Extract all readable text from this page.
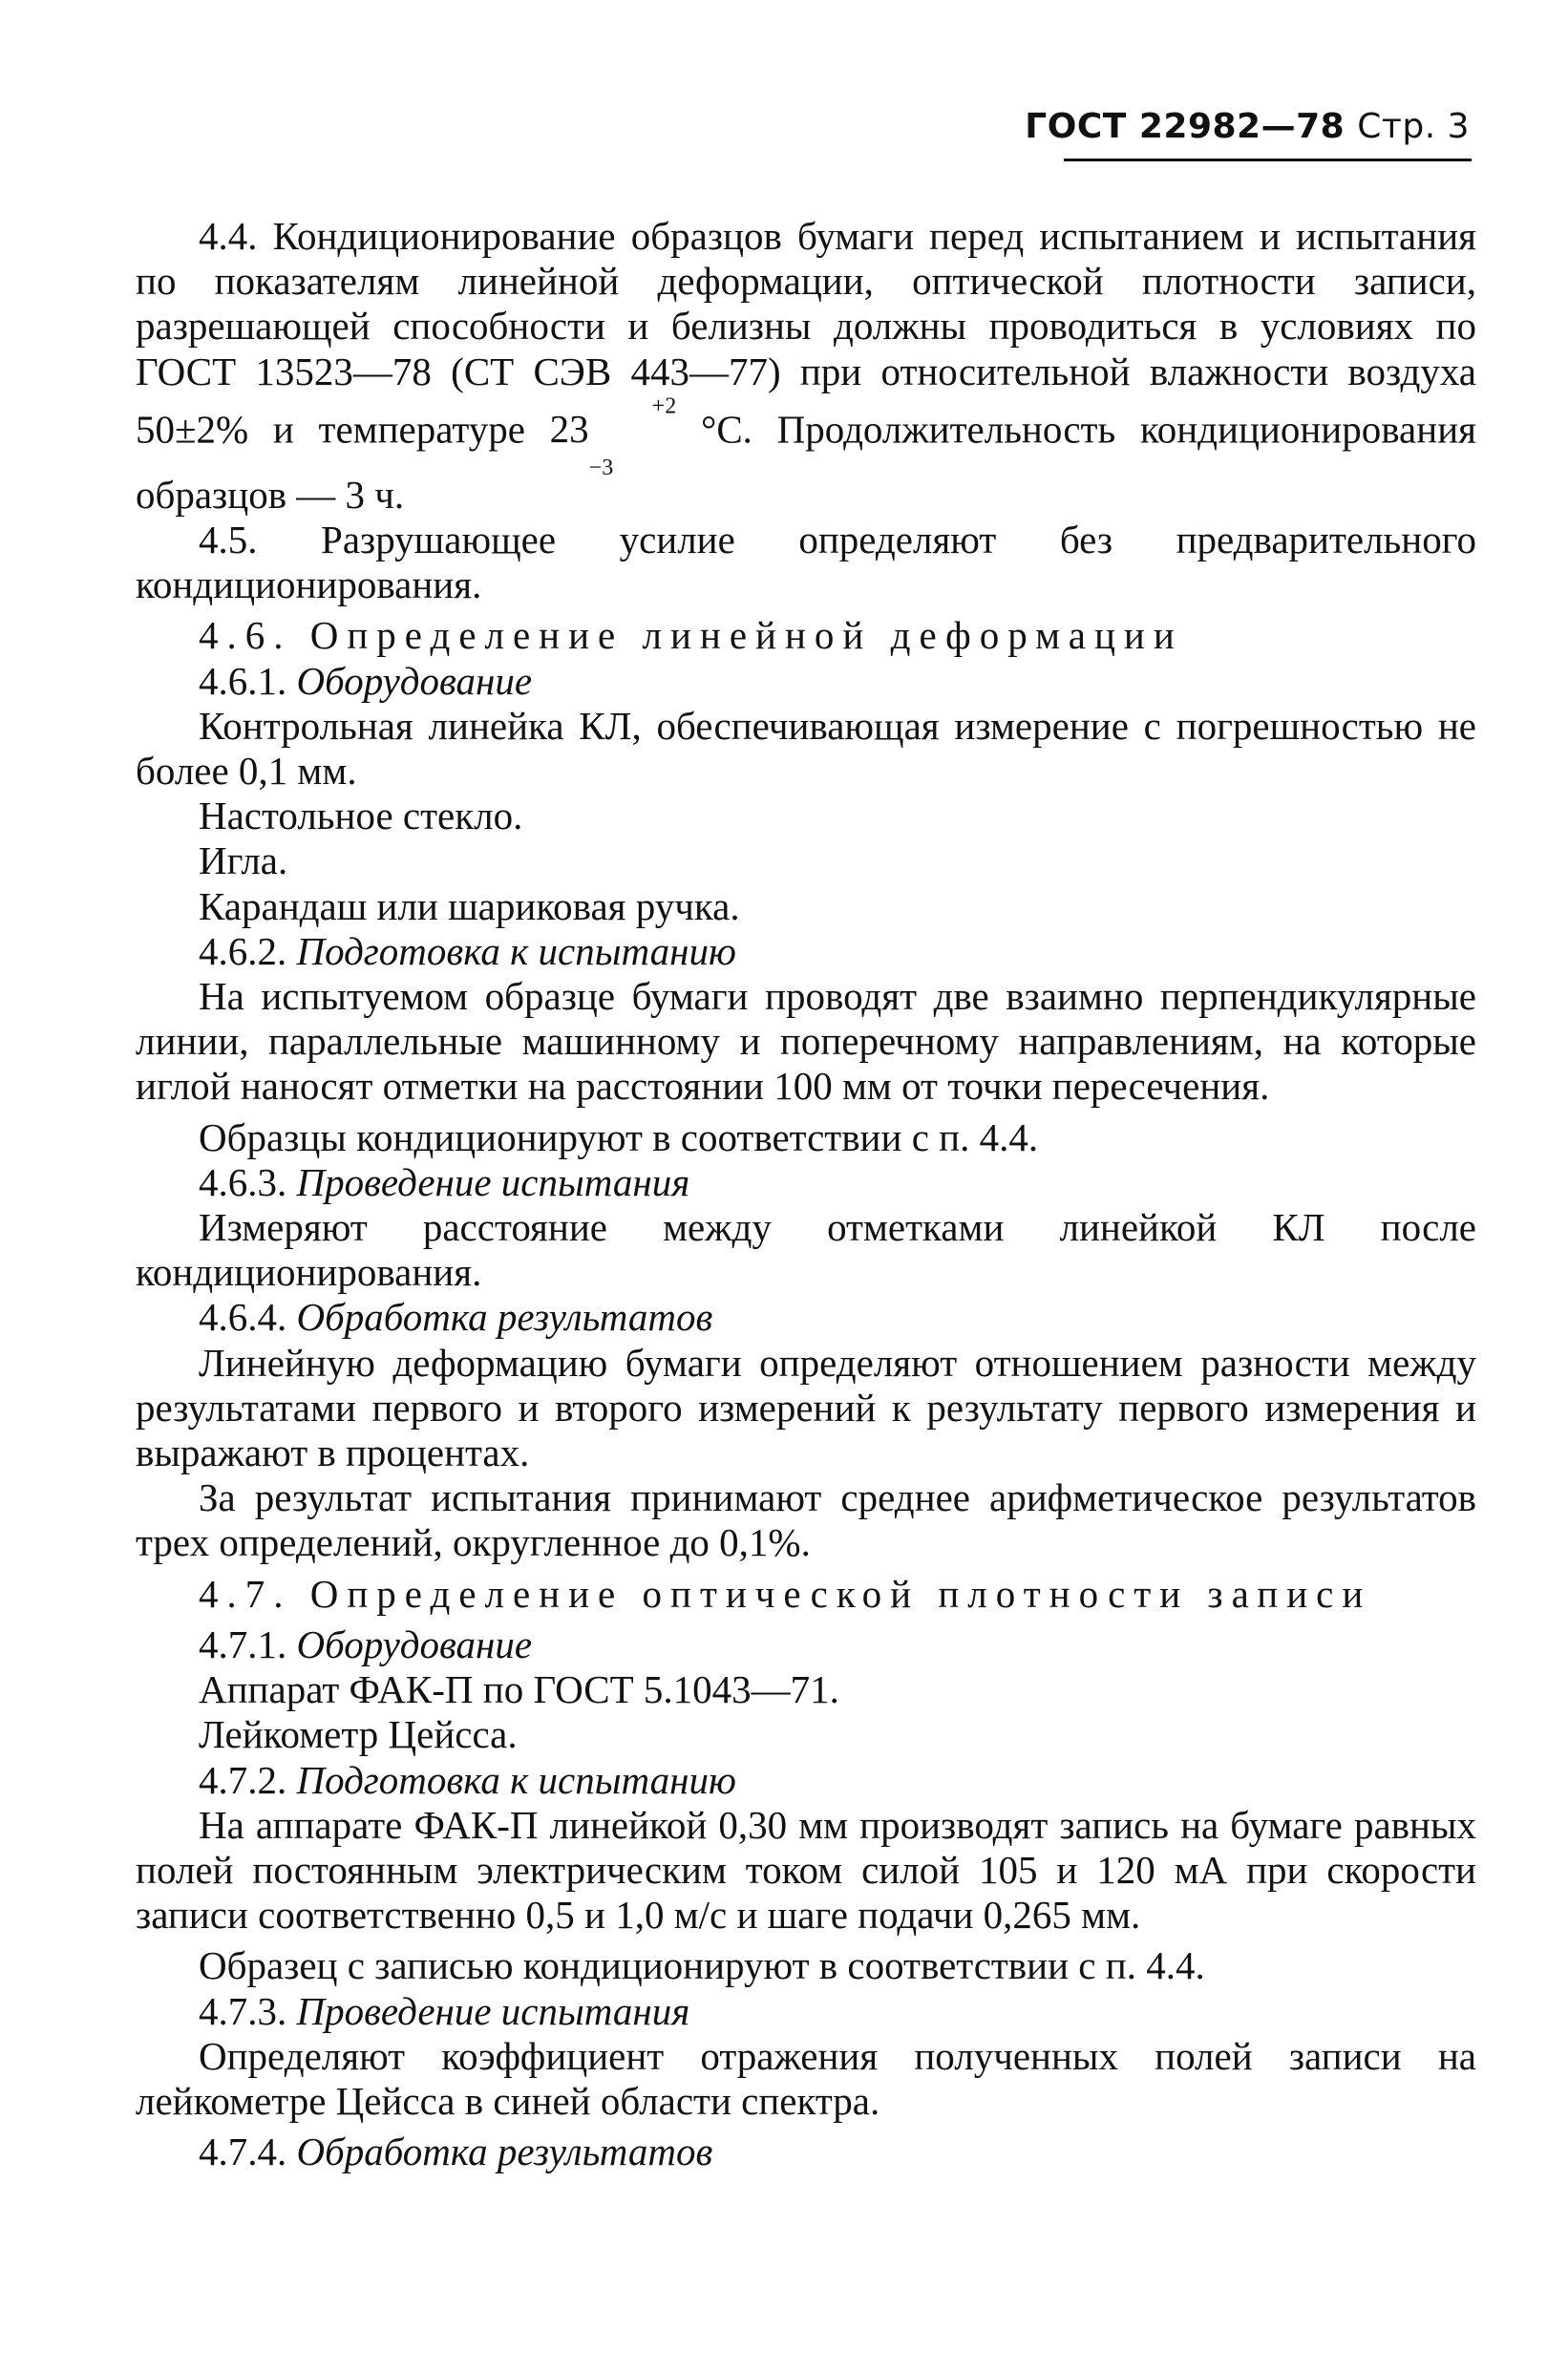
ГОСТ 22982—78 Стр. 3

4.4. Кондиционирование образцов бумаги перед испытанием и испытания по показателям линейной деформации, оптической плотности записи, разрешающей способности и белизны должны проводиться в условиях по ГОСТ 13523—78 (СТ СЭВ 443—77) при относительной влажности воздуха 50±2% и температуре $23^{+2}$
$_{-3}$ °С. Продолжительность кондиционирования образцов — 3 ч.

4.5. Разрушающее усилие определяют без предварительного кондиционирования.

4.6. Определение линейной деформации

4.6.1. Оборудование

Контрольная линейка КЛ, обеспечивающая измерение с погрешностью не более 0,1 мм.

Настольное стекло.

Игла.

Карандаш или шариковая ручка.

4.6.2. Подготовка к испытанию

На испытуемом образце бумаги проводят две взаимно перпендикулярные линии, параллельные машинному и поперечному направлениям, на которые иглой наносят отметки на расстоянии 100 мм от точки пересечения.

Образцы кондиционируют в соответствии с п. 4.4.

4.6.3. Проведение испытания

Измеряют расстояние между отметками линейкой КЛ после кондиционирования.

4.6.4. Обработка результатов

Линейную деформацию бумаги определяют отношением разности между результатами первого и второго измерений к результату первого измерения и выражают в процентах.

За результат испытания принимают среднее арифметическое результатов трех определений, округленное до 0,1%.

4.7. Определение оптической плотности записи

4.7.1. Оборудование

Аппарат ФАК-П по ГОСТ 5.1043—71.

Лейкометр Цейсса.

4.7.2. Подготовка к испытанию

На аппарате ФАК-П линейкой 0,30 мм производят запись на бумаге равных полей постоянным электрическим током силой 105 и 120 мА при скорости записи соответственно 0,5 и 1,0 м/с и шаге подачи 0,265 мм.

Образец с записью кондиционируют в соответствии с п. 4.4.

4.7.3. Проведение испытания

Определяют коэффициент отражения полученных полей записи на лейкометре Цейсса в синей области спектра.

4.7.4. Обработка результатов
